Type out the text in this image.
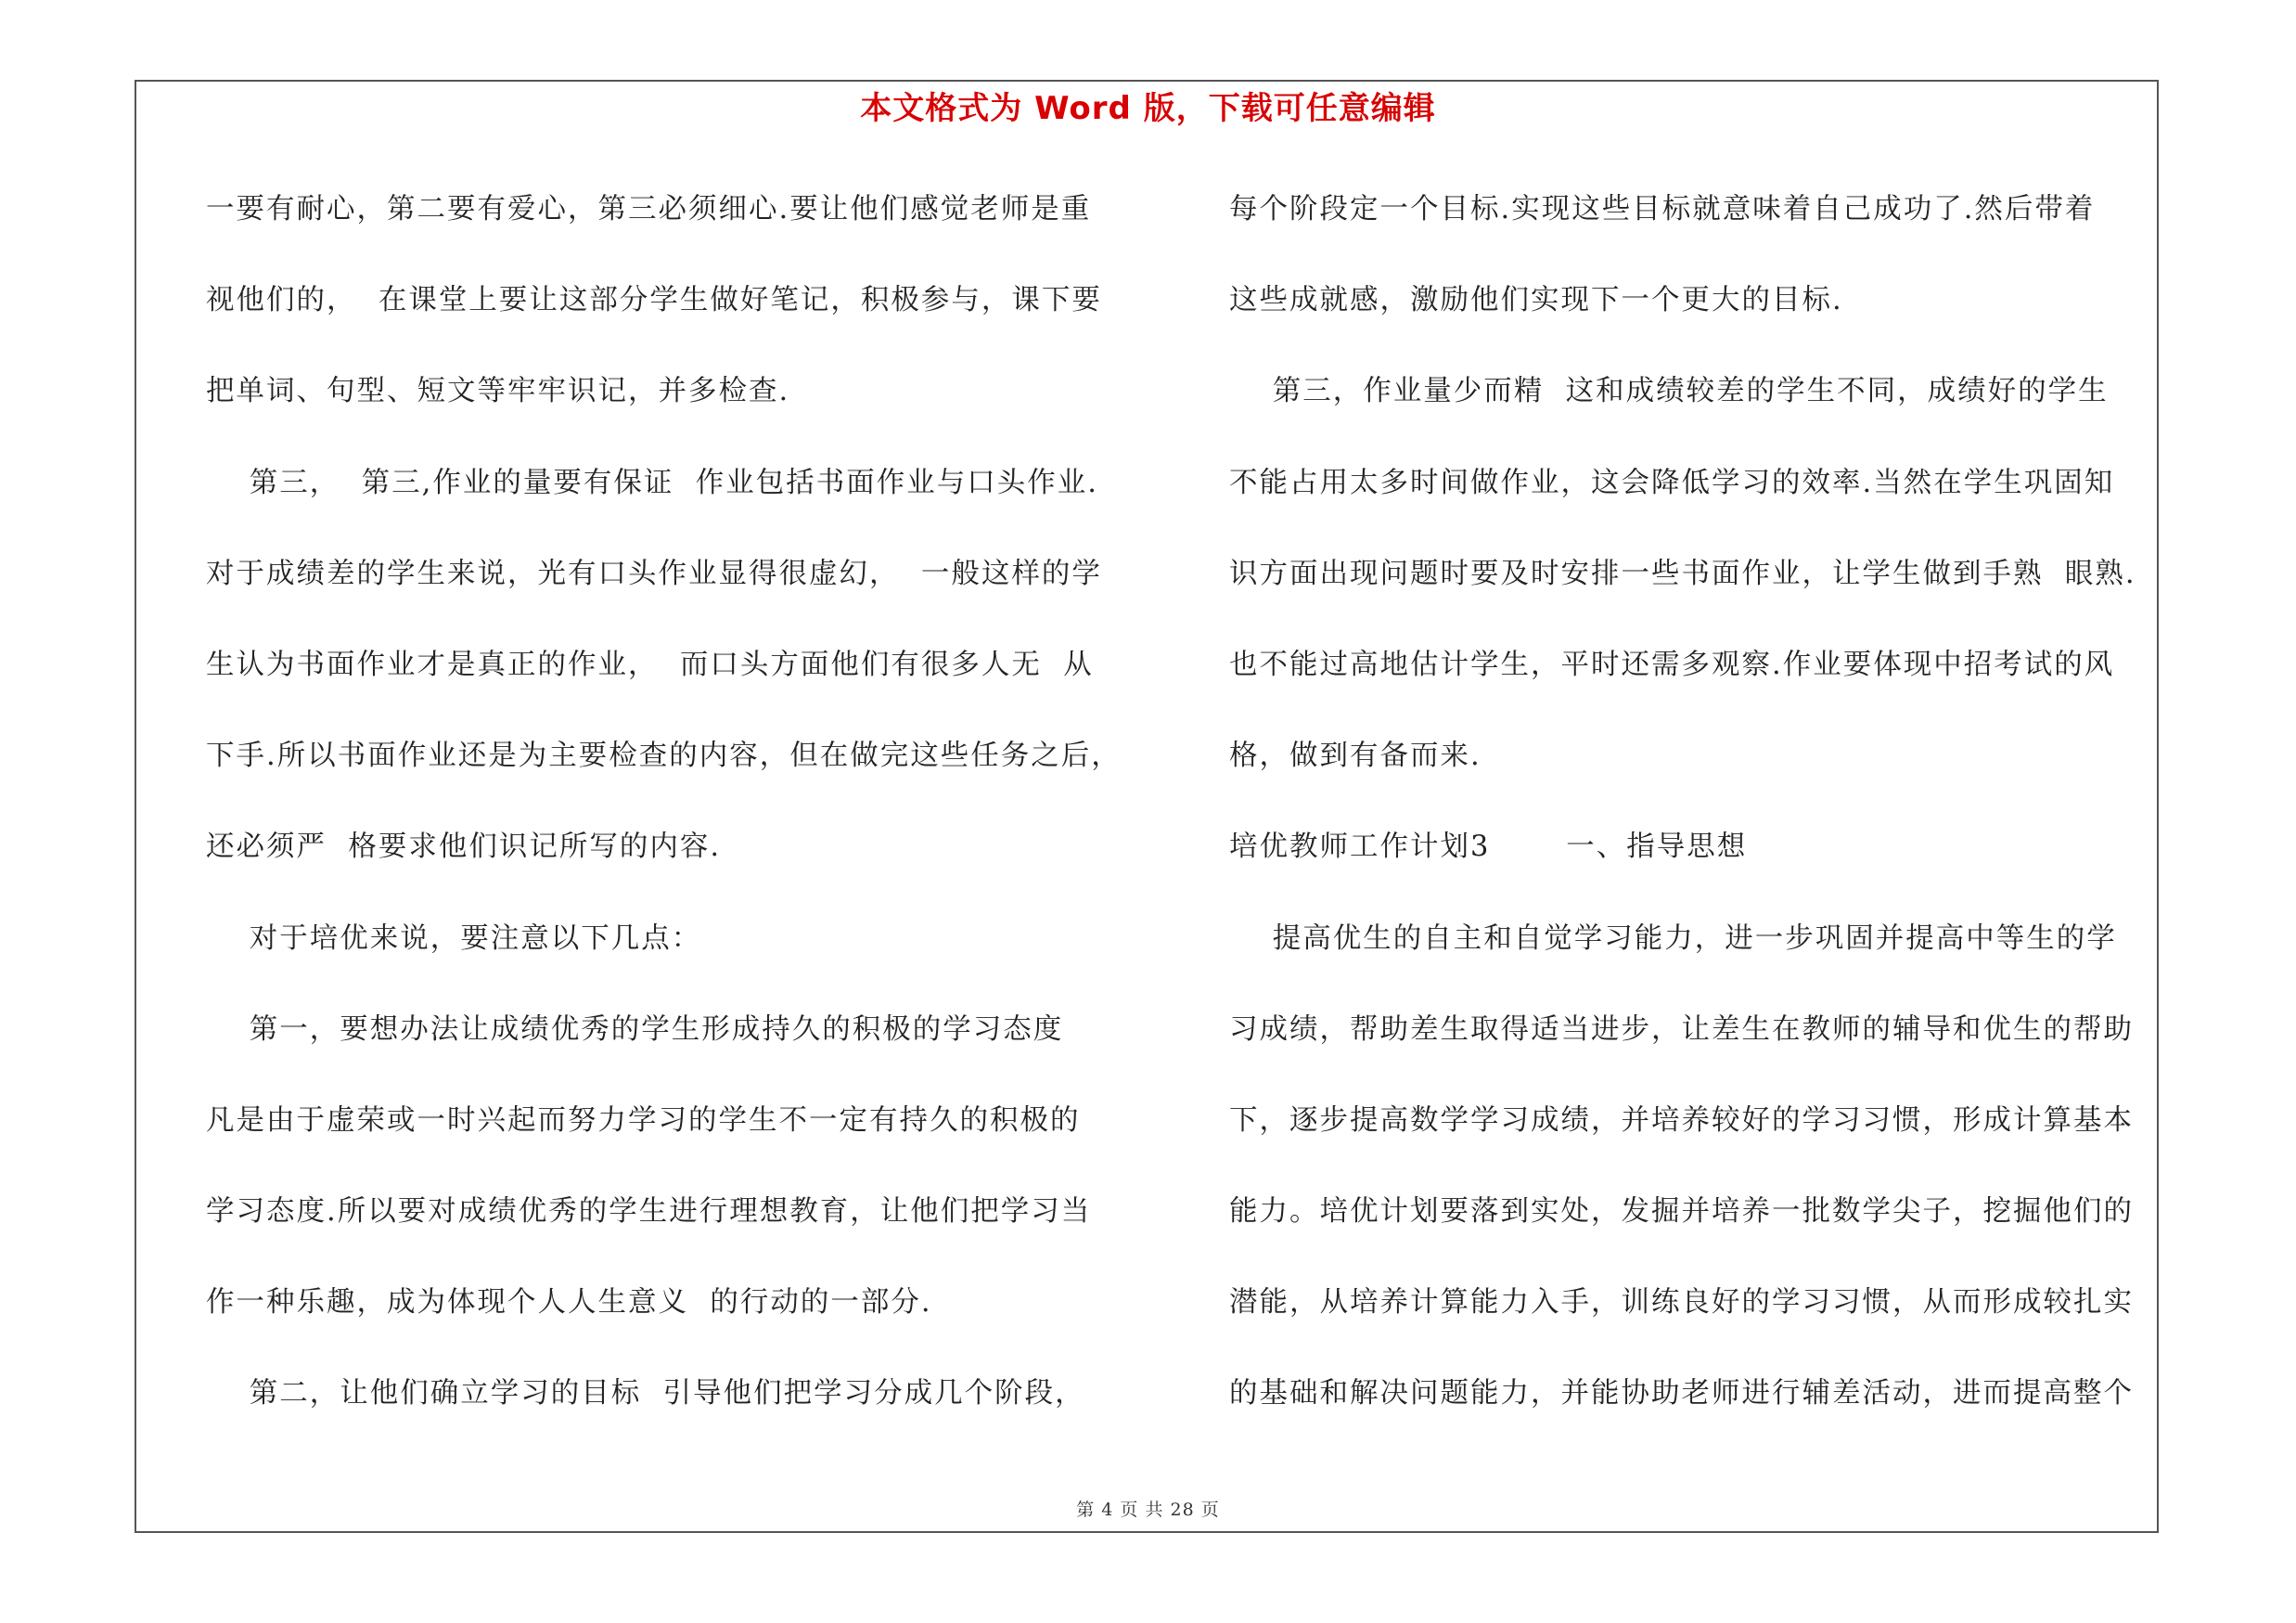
本文格式为 Word 版，下载可任意编辑
一要有耐心，第二要有爱心，第三必须细心.要让他们感觉老师是重
视他们的，  在课堂上要让这部分学生做好笔记，积极参与，课下要
把单词、句型、短文等牢牢识记，并多检查.
第三，  第三,作业的量要有保证  作业包括书面作业与口头作业.
对于成绩差的学生来说，光有口头作业显得很虚幻，  一般这样的学
生认为书面作业才是真正的作业，  而口头方面他们有很多人无  从
下手.所以书面作业还是为主要检查的内容，但在做完这些任务之后，
还必须严  格要求他们识记所写的内容.
对于培优来说，要注意以下几点：
第一，要想办法让成绩优秀的学生形成持久的积极的学习态度
凡是由于虚荣或一时兴起而努力学习的学生不一定有持久的积极的
学习态度.所以要对成绩优秀的学生进行理想教育，让他们把学习当
作一种乐趣，成为体现个人人生意义  的行动的一部分.
第二，让他们确立学习的目标  引导他们把学习分成几个阶段，
每个阶段定一个目标.实现这些目标就意味着自己成功了.然后带着
这些成就感，激励他们实现下一个更大的目标.
第三，作业量少而精  这和成绩较差的学生不同，成绩好的学生
不能占用太多时间做作业，这会降低学习的效率.当然在学生巩固知
识方面出现问题时要及时安排一些书面作业，让学生做到手熟  眼熟.
也不能过高地估计学生，平时还需多观察.作业要体现中招考试的风
格，做到有备而来.
培优教师工作计划3       一、指导思想
提高优生的自主和自觉学习能力，进一步巩固并提高中等生的学
习成绩，帮助差生取得适当进步，让差生在教师的辅导和优生的帮助
下，逐步提高数学学习成绩，并培养较好的学习习惯，形成计算基本
能力。培优计划要落到实处，发掘并培养一批数学尖子，挖掘他们的
潜能，从培养计算能力入手，训练良好的学习习惯，从而形成较扎实
的基础和解决问题能力，并能协助老师进行辅差活动，进而提高整个
第 4 页 共 28 页
